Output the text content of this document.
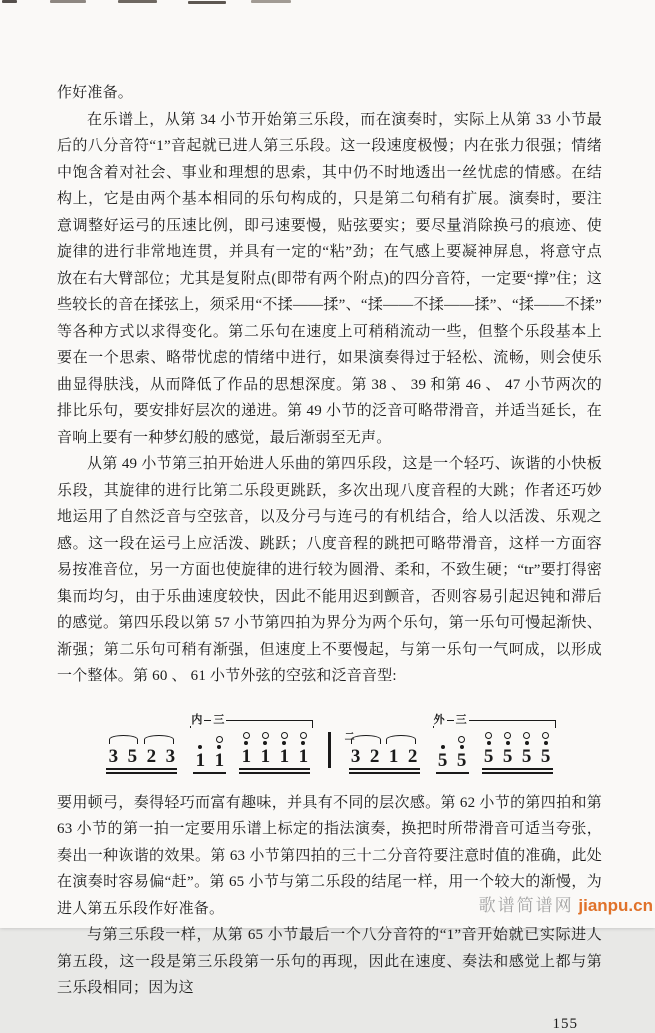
作好准备。

在乐谱上，从第 34 小节开始第三乐段，而在演奏时，实际上从第 33 小节最后的八分音符“1”音起就已进人第三乐段。这一段速度极慢；内在张力很强；情绪中饱含着对社会、事业和理想的思索，其中仍不时地透出一丝忧虑的情感。在结构上，它是由两个基本相同的乐句构成的，只是第二句稍有扩展。演奏时，要注意调整好运弓的压速比例，即弓速要慢，贴弦要实；要尽量消除换弓的痕迹、使旋律的进行非常地连贯，并具有一定的“粘”劲；在气感上要凝神屏息，将意守点放在右大臂部位；尤其是复附点(即带有两个附点)的四分音符，一定要“撑”住；这些较长的音在揉弦上，须采用“不揉——揉”、“揉——不揉——揉”、“揉——不揉”等各种方式以求得变化。第二乐句在速度上可稍稍流动一些，但整个乐段基本上要在一个思索、略带忧虑的情绪中进行，如果演奏得过于轻松、流畅，则会使乐曲显得肤浅，从而降低了作品的思想深度。第 38 、 39 和第 46 、 47 小节两次的排比乐句，要安排好层次的递进。第 49 小节的泛音可略带滑音，并适当延长，在音响上要有一种梦幻般的感觉，最后渐弱至无声。

从第 49 小节第三拍开始进人乐曲的第四乐段，这是一个轻巧、诙谐的小快板乐段，其旋律的进行比第二乐段更跳跃，多次出现八度音程的大跳；作者还巧妙地运用了自然泛音与空弦音，以及分弓与连弓的有机结合，给人以活泼、乐观之感。这一段在运弓上应活泼、跳跃；八度音程的跳把可略带滑音，这样一方面容易按准音位，另一方面也使旋律的进行较为圆滑、柔和，不致生硬；“tr”要打得密集而均匀，由于乐曲速度较快，因此不能用迟到颤音，否则容易引起迟钝和滞后的感觉。第四乐段以第 57 小节第四拍为界分为两个乐句，第一乐句可慢起渐快、渐强；第二乐句可稍有渐强，但速度上不要慢起，与第一乐句一气呵成，以形成一个整体。第 60 、 61 小节外弦的空弦和泛音音型:

3 5 2 3
内 三
1 1 1 1 1 1
二
3 2 1 2
外 三
5 5 5 5 5 5

要用顿弓，奏得轻巧而富有趣味，并具有不同的层次感。第 62 小节的第四拍和第 63 小节的第一拍一定要用乐谱上标定的指法演奏，换把时所带滑音可适当夸张，奏出一种诙谐的效果。第 63 小节第四拍的三十二分音符要注意时值的准确，此处在演奏时容易偏“赶”。第 65 小节与第二乐段的结尾一样，用一个较大的渐慢，为进人第五乐段作好准备。

与第三乐段一样，从第 65 小节最后一个八分音符的“1”音开始就已实际进人第五段，这一段是第三乐段第一乐句的再现，因此在速度、奏法和感觉上都与第三乐段相同；因为这

155
歌谱简谱网 jianpu.cn
